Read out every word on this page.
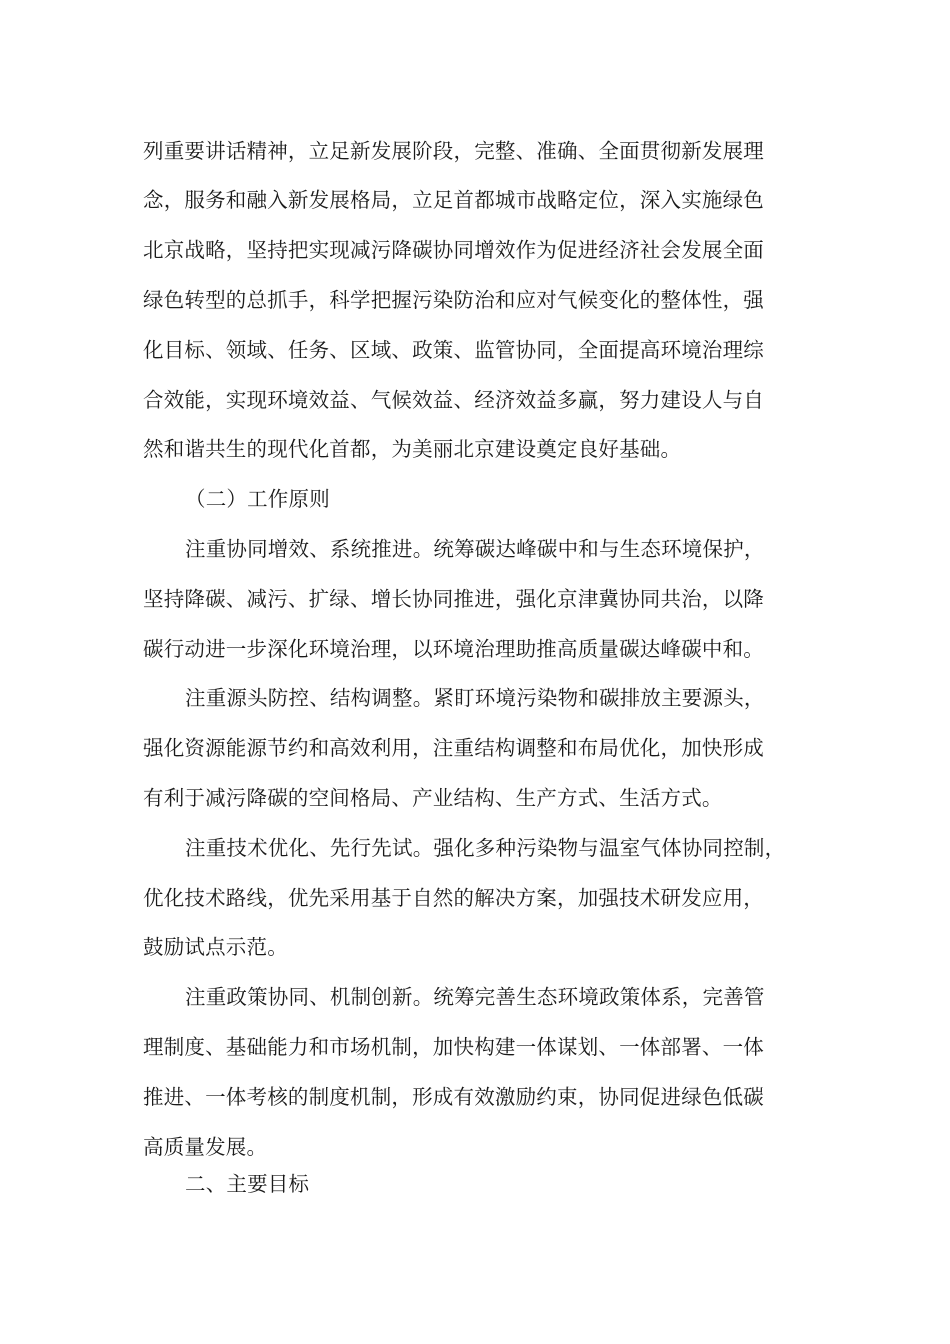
列重要讲话精神，立足新发展阶段，完整、准确、全面贯彻新发展理
念，服务和融入新发展格局，立足首都城市战略定位，深入实施绿色
北京战略，坚持把实现减污降碳协同增效作为促进经济社会发展全面
绿色转型的总抓手，科学把握污染防治和应对气候变化的整体性，强
化目标、领域、任务、区域、政策、监管协同，全面提高环境治理综
合效能，实现环境效益、气候效益、经济效益多赢，努力建设人与自
然和谐共生的现代化首都，为美丽北京建设奠定良好基础。
（二）工作原则
注重协同增效、系统推进。统筹碳达峰碳中和与生态环境保护，
坚持降碳、减污、扩绿、增长协同推进，强化京津冀协同共治，以降
碳行动进一步深化环境治理，以环境治理助推高质量碳达峰碳中和。
注重源头防控、结构调整。紧盯环境污染物和碳排放主要源头，
强化资源能源节约和高效利用，注重结构调整和布局优化，加快形成
有利于减污降碳的空间格局、产业结构、生产方式、生活方式。
注重技术优化、先行先试。强化多种污染物与温室气体协同控制，
优化技术路线，优先采用基于自然的解决方案，加强技术研发应用，
鼓励试点示范。
注重政策协同、机制创新。统筹完善生态环境政策体系，完善管
理制度、基础能力和市场机制，加快构建一体谋划、一体部署、一体
推进、一体考核的制度机制，形成有效激励约束，协同促进绿色低碳
高质量发展。
二、主要目标
